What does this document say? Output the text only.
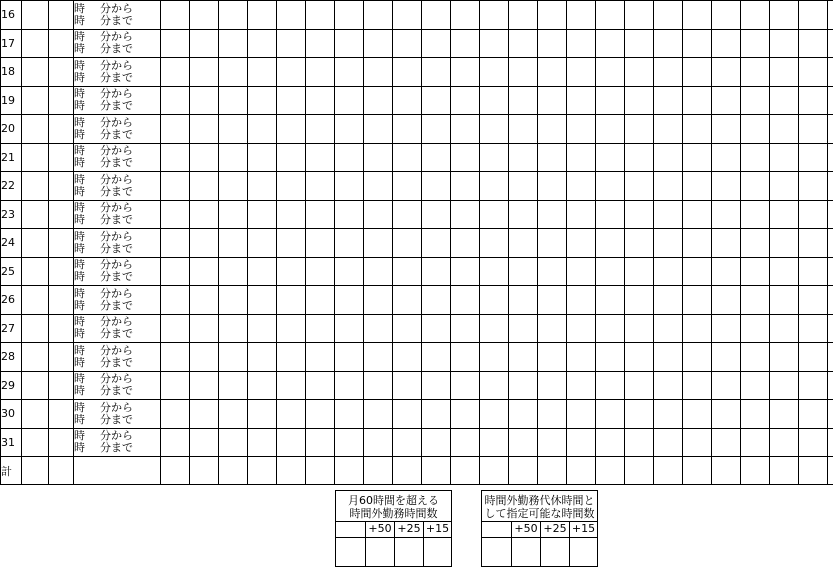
16			時 分から
時 分まで																									

17			時 分から
時 分まで																									

18			時 分から
時 分まで																									

19			時 分から
時 分まで																									

20			時 分から
時 分まで																									

21			時 分から
時 分まで																									

22			時 分から
時 分まで																									

23			時 分から
時 分まで																									

24			時 分から
時 分まで																									

25			時 分から
時 分まで																									

26			時 分から
時 分まで																									

27			時 分から
時 分まで																									

28			時 分から
時 分まで																									

29			時 分から
時 分まで																									

30			時 分から
時 分まで																									

31			時 分から
時 分まで																									

計																												
月60時間を超える
時間外勤務時間数
+50 +25 +15
時間外勤務代休時間と
して指定可能な時間数
+50 +25 +15
